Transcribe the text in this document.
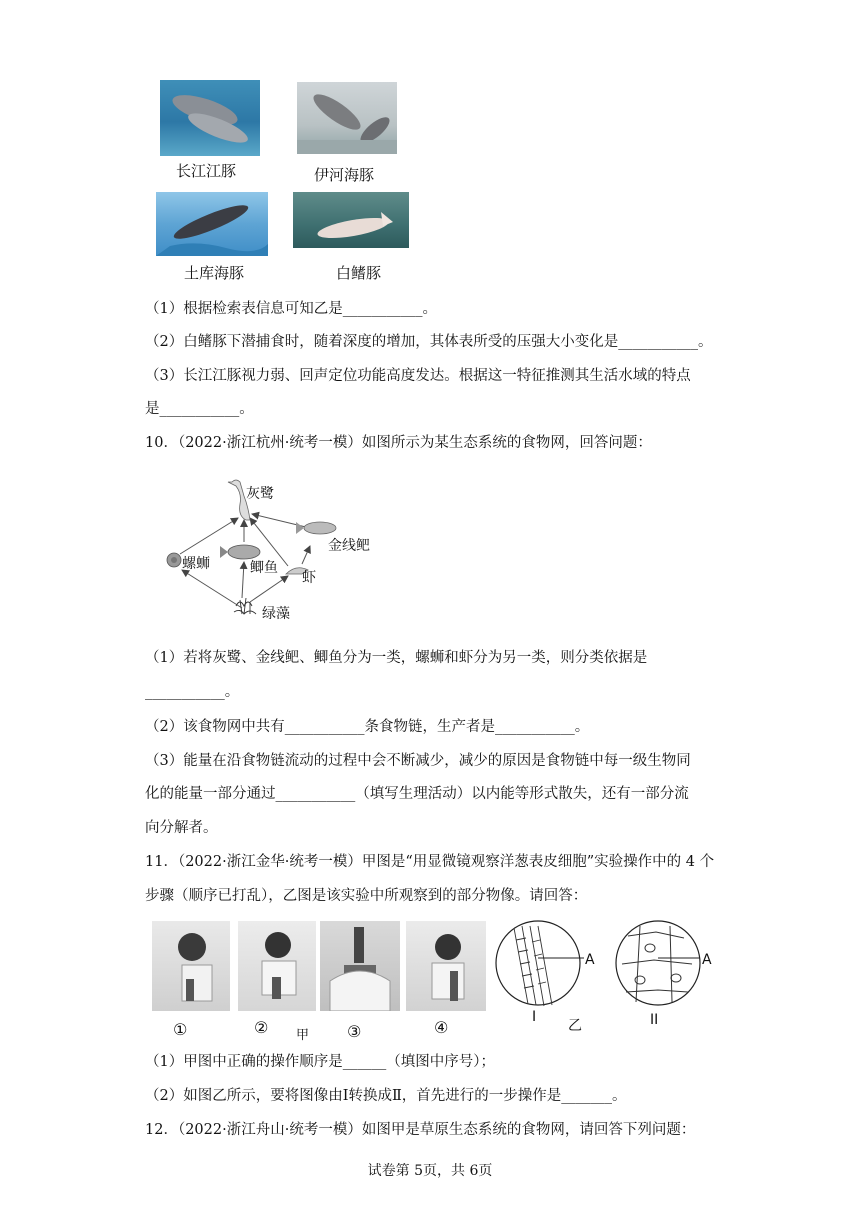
长江江豚	伊河海豚
土库海豚	白鳍豚
（1）根据检索表信息可知乙是___________。
（2）白鳍豚下潜捕食时，随着深度的增加，其体表所受的压强大小变化是___________。
（3）长江江豚视力弱、回声定位功能高度发达。根据这一特征推测其生活水域的特点
是___________。
10．（2022·浙江杭州·统考一模）如图所示为某生态系统的食物网，回答问题：
灰鹭
金线鲃
螺蛳	鲫鱼
虾
绿藻
（1）若将灰鹭、金线鲃、鲫鱼分为一类，螺蛳和虾分为另一类，则分类依据是
___________。
（2）该食物网中共有___________条食物链，生产者是___________。
（3）能量在沿食物链流动的过程中会不断减少，减少的原因是食物链中每一级生物同
化的能量一部分通过___________（填写生理活动）以内能等形式散失，还有一部分流
向分解者。
11．（2022·浙江金华·统考一模）甲图是“用显微镜观察洋葱表皮细胞”实验操作中的 4 个
步骤（顺序已打乱），乙图是该实验中所观察到的部分物像。请回答：
A
I
A
II
乙
①	② 甲 ③	④
（1）甲图中正确的操作顺序是______（填图中序号）；
（2）如图乙所示，要将图像由Ⅰ转换成Ⅱ，首先进行的一步操作是_______。
12．（2022·浙江舟山·统考一模）如图甲是草原生态系统的食物网，请回答下列问题：
试卷第 5页，共 6页
